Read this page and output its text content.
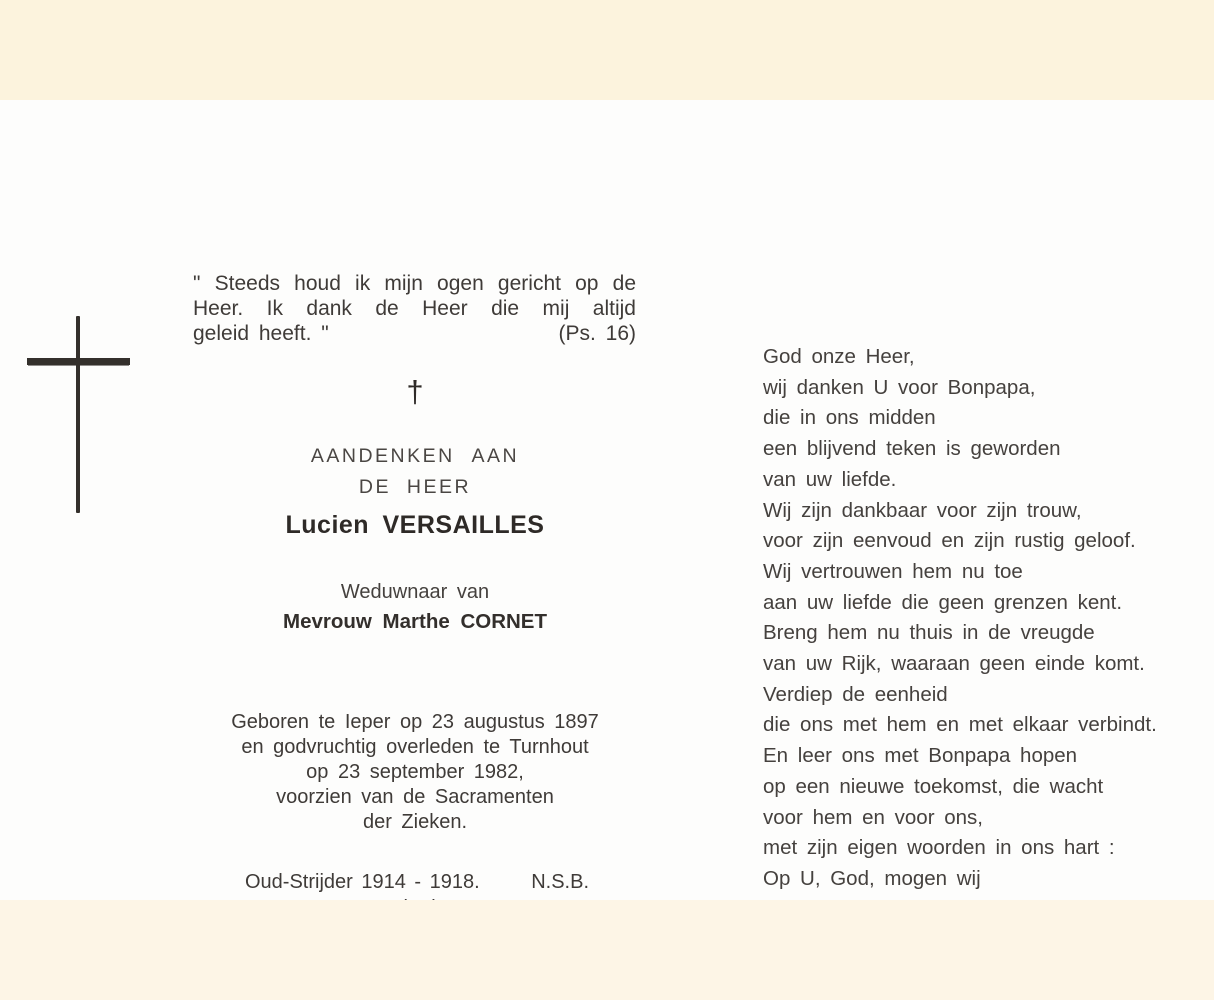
" Steeds houd ik mijn ogen gericht op de
Heer. Ik dank de Heer die mij altijd
geleid heeft. "	(Ps. 16)
†
AANDENKEN AAN
DE HEER
Lucien VERSAILLES
Weduwnaar van
Mevrouw Marthe CORNET
Geboren te Ieper op 23 augustus 1897
en godvruchtig overleden te Turnhout
op 23 september 1982,
voorzien van de Sacramenten
der Zieken.
Oud-Strijder 1914 - 1918.	N.S.B.
God onze Heer,
wij danken U voor Bonpapa,
die in ons midden
een blijvend teken is geworden
van uw liefde.
Wij zijn dankbaar voor zijn trouw,
voor zijn eenvoud en zijn rustig geloof.
Wij vertrouwen hem nu toe
aan uw liefde die geen grenzen kent.
Breng hem nu thuis in de vreugde
van uw Rijk, waaraan geen einde komt.
Verdiep de eenheid
die ons met hem en met elkaar verbindt.
En leer ons met Bonpapa hopen
op een nieuwe toekomst, die wacht
voor hem en voor ons,
met zijn eigen woorden in ons hart :
Op U, God, mogen wij
